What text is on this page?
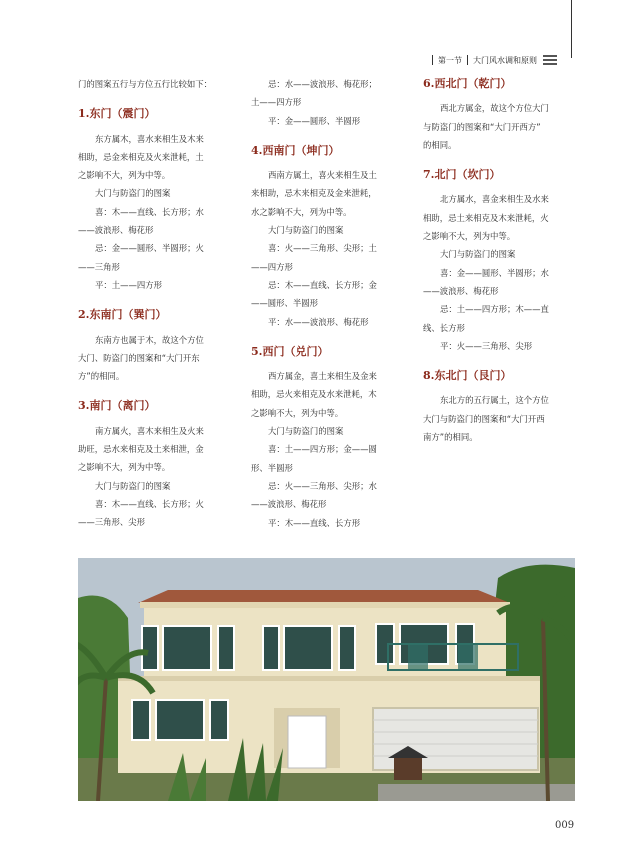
第一节 大门风水调和原则

门的图案五行与方位五行比较如下：

1.东门（震门）

东方属木，喜水来相生及木来

相助，忌金来相克及火来泄耗，土

之影响不大，列为中等。

大门与防盗门的图案

喜：木——直线、长方形；水

——波浪形、梅花形

忌：金——圆形、半圆形；火

——三角形

平：土——四方形

2.东南门（巽门）

东南方也属于木，故这个方位

大门、防盗门的图案和“大门开东

方”的相同。

3.南门（离门）

南方属火，喜木来相生及火来

助旺，忌水来相克及土来相泄，金

之影响不大，列为中等。

大门与防盗门的图案

喜：木——直线、长方形；火

——三角形、尖形

忌：水——波浪形、梅花形；

土——四方形

平：金——圆形、半圆形

4.西南门（坤门）

西南方属土，喜火来相生及土

来相助，忌木来相克及金来泄耗，

水之影响不大，列为中等。

大门与防盗门的图案

喜：火——三角形、尖形；土

——四方形

忌：木——直线、长方形；金

——圆形、半圆形

平：水——波浪形、梅花形

5.西门（兑门）

西方属金，喜土来相生及金来

相助，忌火来相克及水来泄耗，木

之影响不大，列为中等。

大门与防盗门的图案

喜：土——四方形；金——圆

形、半圆形

忌：火——三角形、尖形；水

——波浪形、梅花形

平：木——直线、长方形

6.西北门（乾门）

西北方属金，故这个方位大门

与防盗门的图案和“大门开西方”

的相同。

7.北门（坎门）

北方属水，喜金来相生及水来

相助，忌土来相克及木来泄耗，火

之影响不大，列为中等。

大门与防盗门的图案

喜：金——圆形、半圆形；水

——波浪形、梅花形

忌：土——四方形；木——直

线、长方形

平：火——三角形、尖形

8.东北门（艮门）

东北方的五行属土，这个方位

大门与防盗门的图案和“大门开西

南方”的相同。

009
